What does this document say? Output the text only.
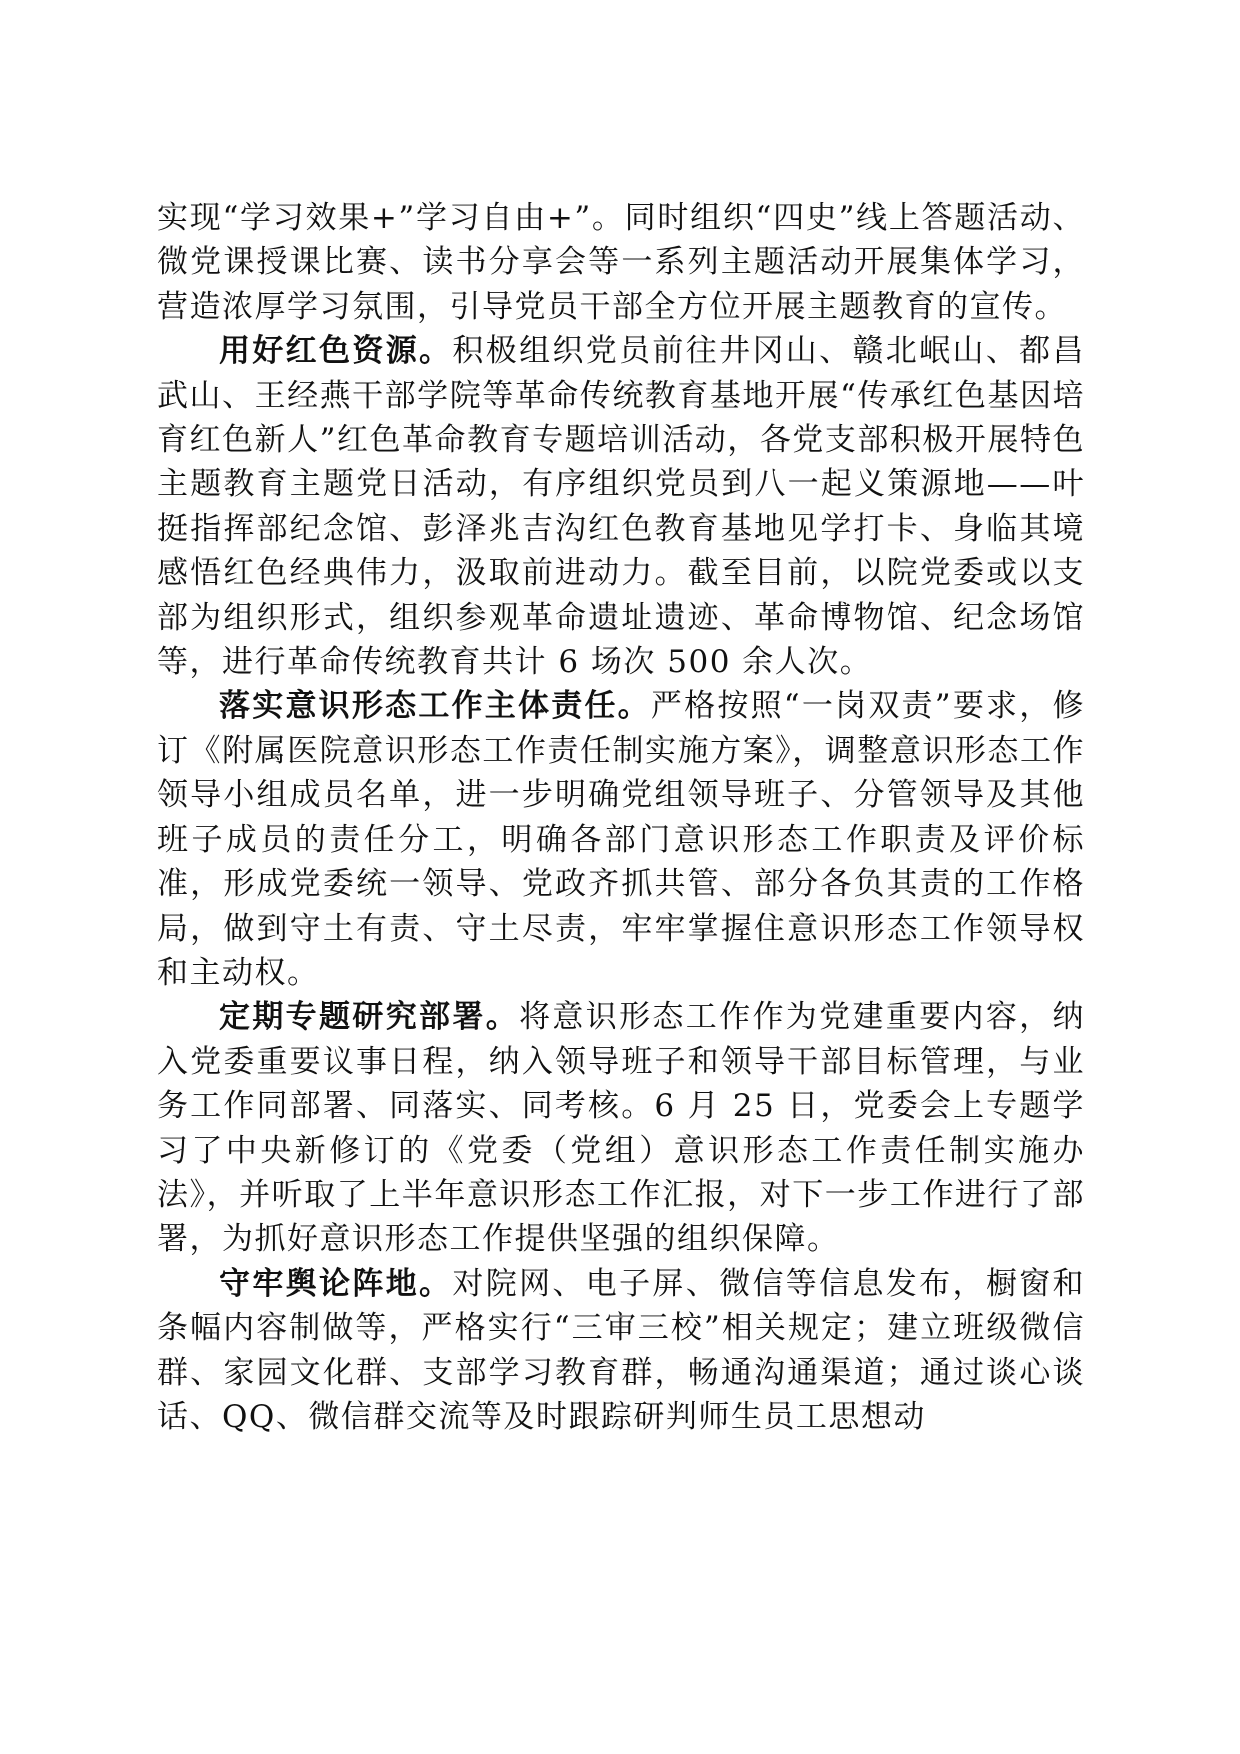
实现“学习效果+”学习自由+”。同时组织“四史”线上答题活动、微党课授课比赛、读书分享会等一系列主题活动开展集体学习，营造浓厚学习氛围，引导党员干部全方位开展主题教育的宣传。

用好红色资源。积极组织党员前往井冈山、赣北岷山、都昌武山、王经燕干部学院等革命传统教育基地开展“传承红色基因培育红色新人”红色革命教育专题培训活动，各党支部积极开展特色主题教育主题党日活动，有序组织党员到八一起义策源地——叶挺指挥部纪念馆、彭泽兆吉沟红色教育基地见学打卡、身临其境感悟红色经典伟力，汲取前进动力。截至目前，以院党委或以支部为组织形式，组织参观革命遗址遗迹、革命博物馆、纪念场馆等，进行革命传统教育共计 6 场次 500 余人次。

落实意识形态工作主体责任。严格按照“一岗双责”要求，修订《附属医院意识形态工作责任制实施方案》，调整意识形态工作领导小组成员名单，进一步明确党组领导班子、分管领导及其他班子成员的责任分工，明确各部门意识形态工作职责及评价标准，形成党委统一领导、党政齐抓共管、部分各负其责的工作格局，做到守土有责、守土尽责，牢牢掌握住意识形态工作领导权和主动权。

定期专题研究部署。将意识形态工作作为党建重要内容，纳入党委重要议事日程，纳入领导班子和领导干部目标管理，与业务工作同部署、同落实、同考核。6 月 25 日，党委会上专题学习了中央新修订的《党委（党组）意识形态工作责任制实施办法》，并听取了上半年意识形态工作汇报，对下一步工作进行了部署，为抓好意识形态工作提供坚强的组织保障。

守牢舆论阵地。对院网、电子屏、微信等信息发布，橱窗和条幅内容制做等，严格实行“三审三校”相关规定；建立班级微信群、家园文化群、支部学习教育群，畅通沟通渠道；通过谈心谈话、QQ、微信群交流等及时跟踪研判师生员工思想动
